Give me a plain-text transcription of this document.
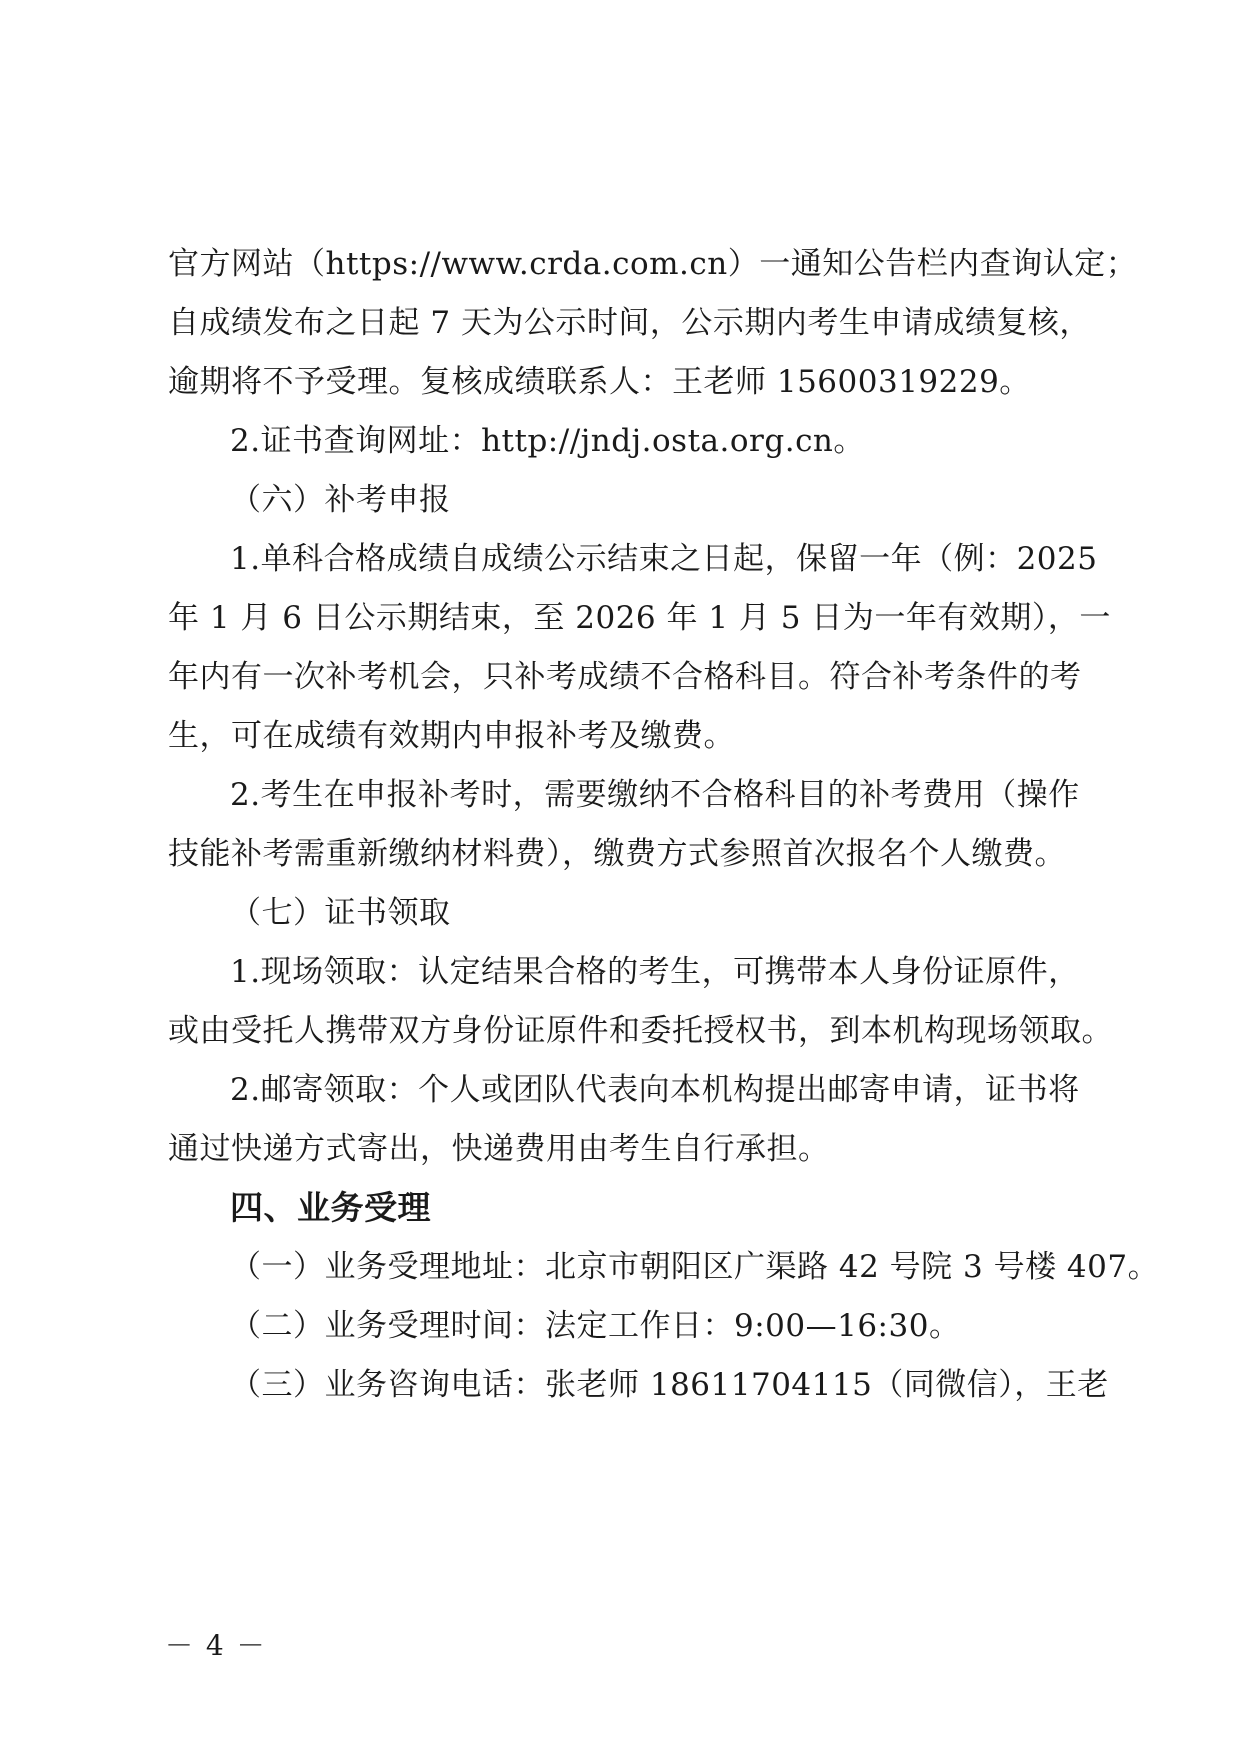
官方网站（https://www.crda.com.cn）一通知公告栏内查询认定；
自成绩发布之日起 7 天为公示时间，公示期内考生申请成绩复核，
逾期将不予受理。复核成绩联系人：王老师 15600319229。
2.证书查询网址：http://jndj.osta.org.cn。
（六）补考申报
1.单科合格成绩自成绩公示结束之日起，保留一年（例：2025
年 1 月 6 日公示期结束，至 2026 年 1 月 5 日为一年有效期），一
年内有一次补考机会，只补考成绩不合格科目。符合补考条件的考
生，可在成绩有效期内申报补考及缴费。
2.考生在申报补考时，需要缴纳不合格科目的补考费用（操作
技能补考需重新缴纳材料费），缴费方式参照首次报名个人缴费。
（七）证书领取
1.现场领取：认定结果合格的考生，可携带本人身份证原件，
或由受托人携带双方身份证原件和委托授权书，到本机构现场领取。
2.邮寄领取：个人或团队代表向本机构提出邮寄申请，证书将
通过快递方式寄出，快递费用由考生自行承担。
四、业务受理
（一）业务受理地址：北京市朝阳区广渠路 42 号院 3 号楼 407。
（二）业务受理时间：法定工作日：9:00—16:30。
（三）业务咨询电话：张老师 18611704115（同微信），王老
－ 4 －
